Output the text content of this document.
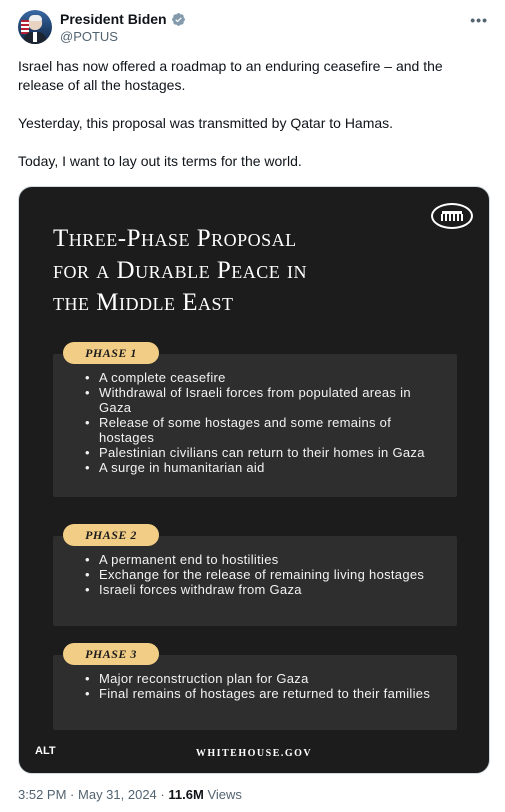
President Biden
@POTUS
•••

Israel has now offered a roadmap to an enduring ceasefire – and the release of all the hostages.

Yesterday, this proposal was transmitted by Qatar to Hamas.

Today, I want to lay out its terms for the world.

Three-Phase Proposal
for a Durable Peace in
the Middle East
PHASE 1
• A complete ceasefire
• Withdrawal of Israeli forces from populated areas in Gaza
• Release of some hostages and some remains of hostages
• Palestinian civilians can return to their homes in Gaza
• A surge in humanitarian aid
PHASE 2
• A permanent end to hostilities
• Exchange for the release of remaining living hostages
• Israeli forces withdraw from Gaza
PHASE 3
• Major reconstruction plan for Gaza
• Final remains of hostages are returned to their families
WHITEHOUSE.GOV
ALT
3:52 PM · May 31, 2024 · 11.6M Views
